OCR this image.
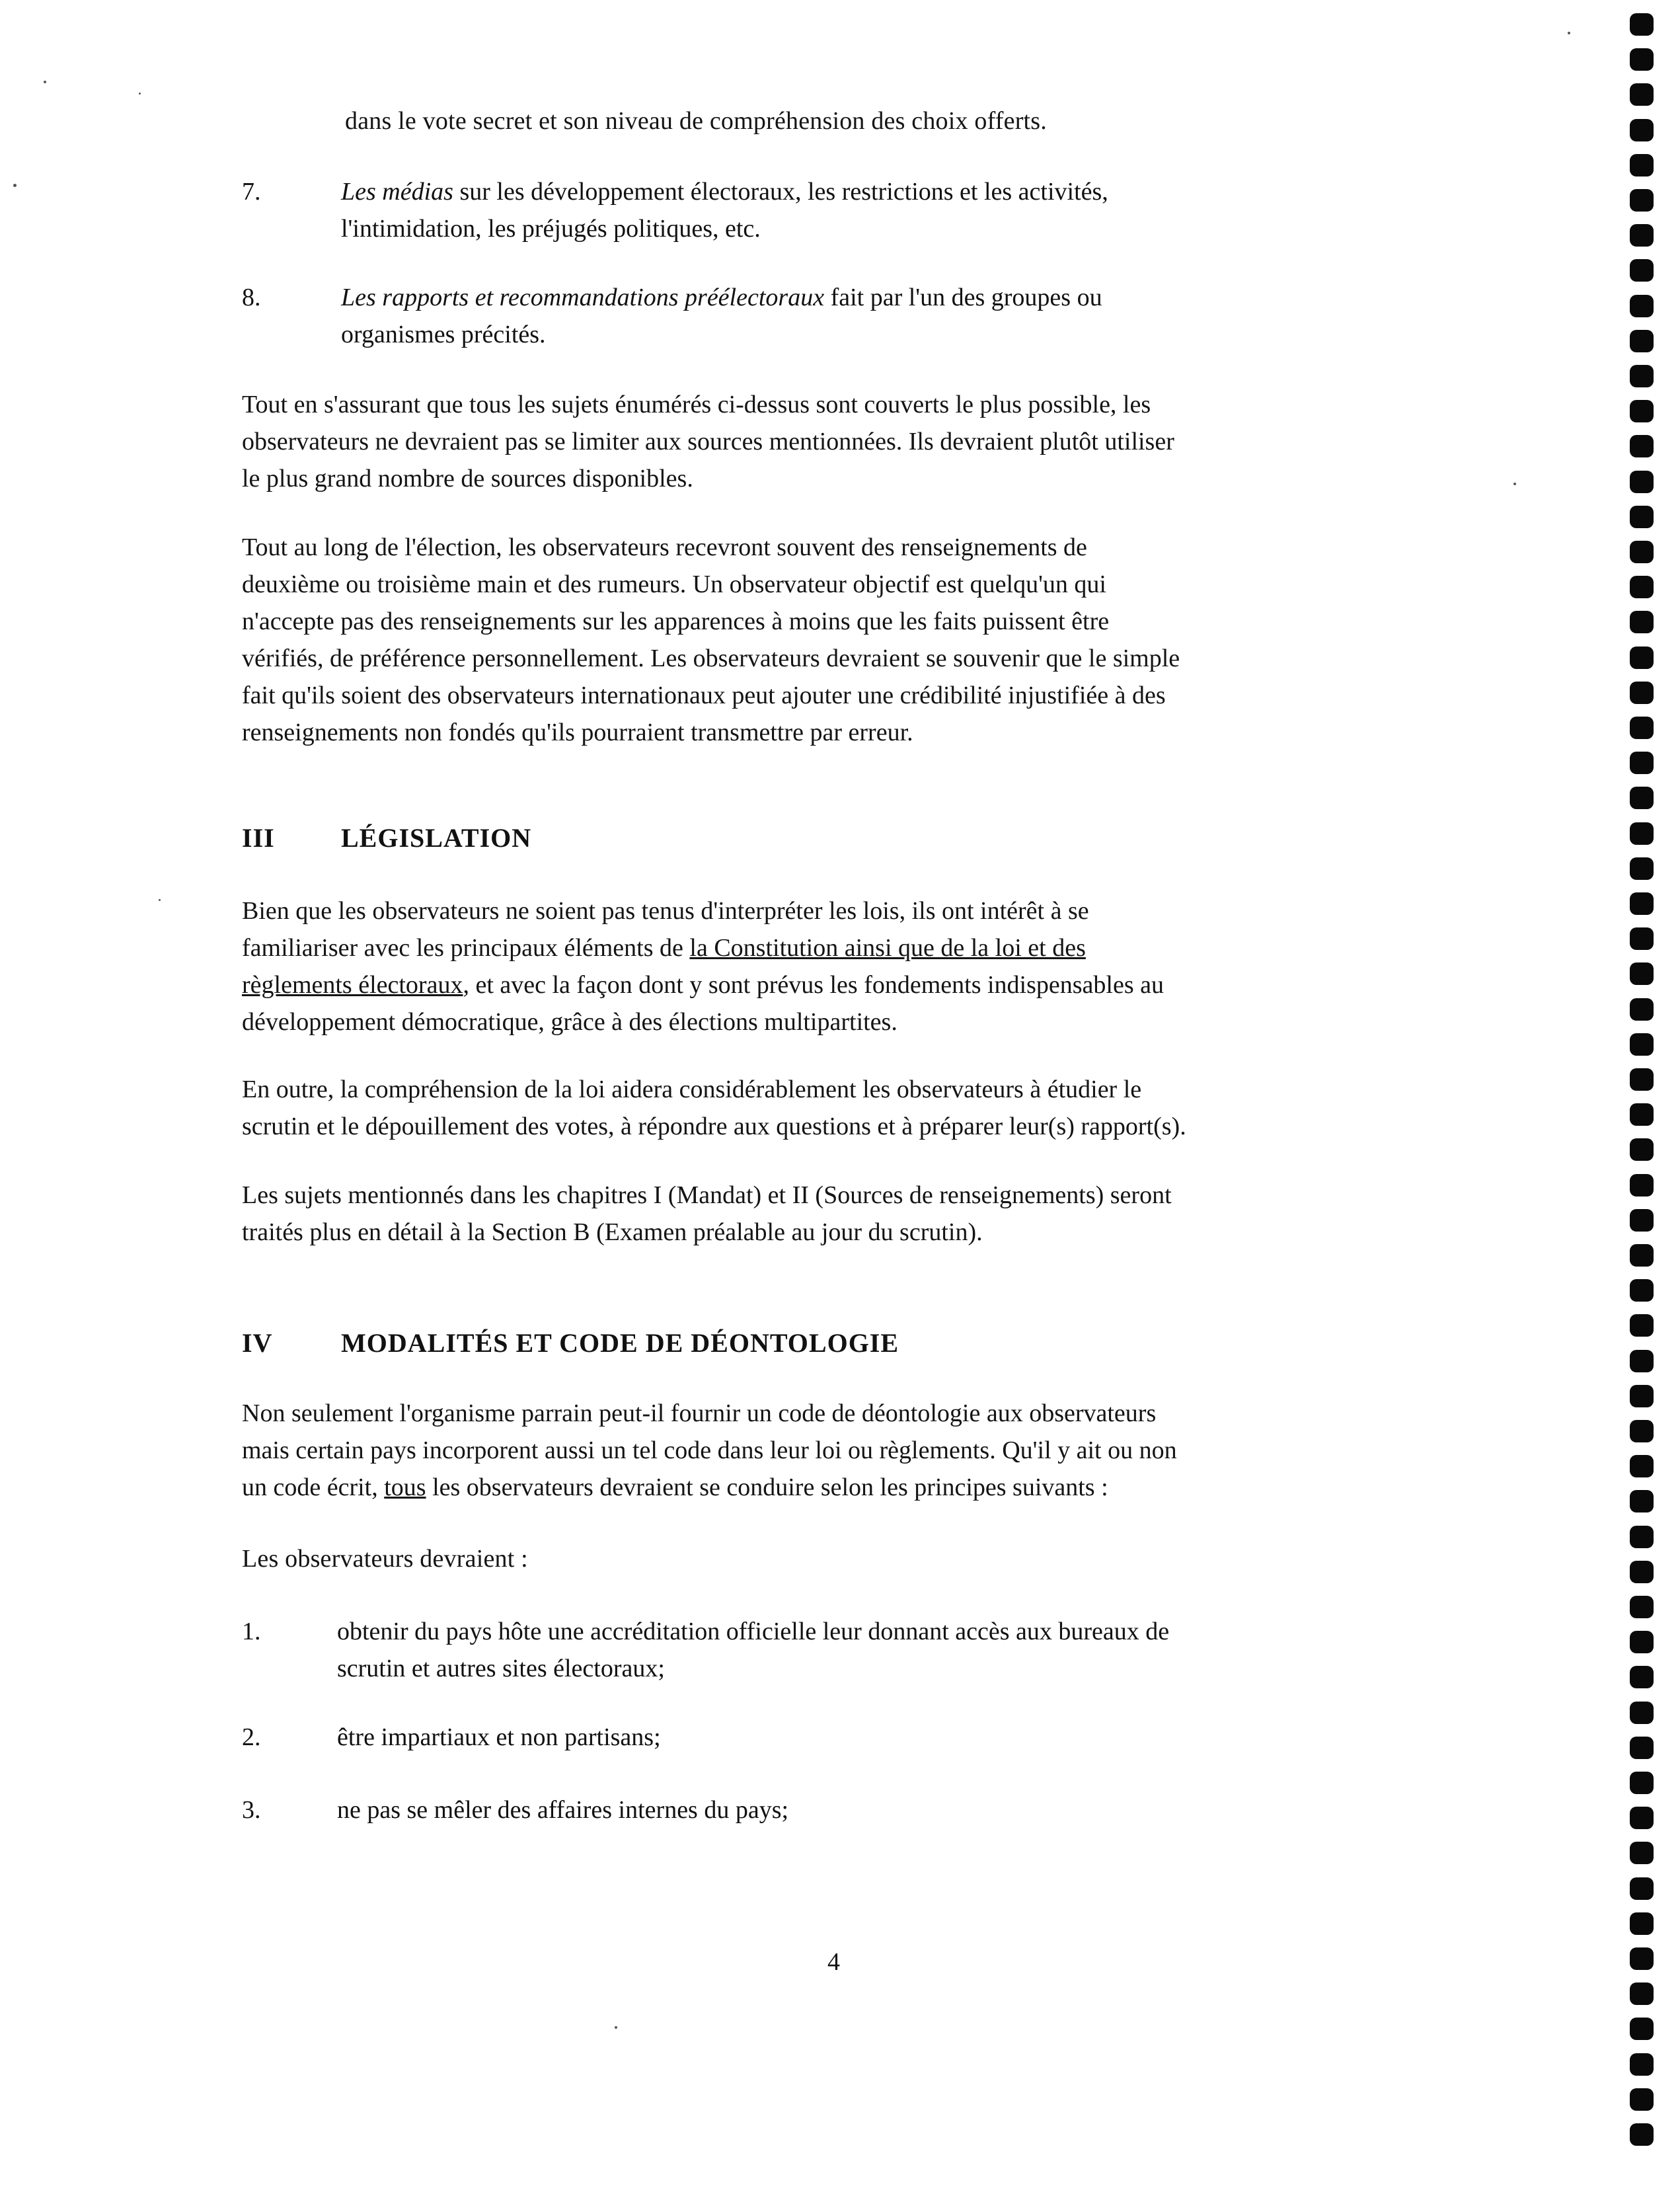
dans le vote secret et son niveau de compréhension des choix offerts.
7.	Les médias sur les développement électoraux, les restrictions et les activités,
l'intimidation, les préjugés politiques, etc.
8.	Les rapports et recommandations préélectoraux fait par l'un des groupes ou
organismes précités.
Tout en s'assurant que tous les sujets énumérés ci-dessus sont couverts le plus possible, les
observateurs ne devraient pas se limiter aux sources mentionnées. Ils devraient plutôt utiliser
le plus grand nombre de sources disponibles.
Tout au long de l'élection, les observateurs recevront souvent des renseignements de
deuxième ou troisième main et des rumeurs. Un observateur objectif est quelqu'un qui
n'accepte pas des renseignements sur les apparences à moins que les faits puissent être
vérifiés, de préférence personnellement. Les observateurs devraient se souvenir que le simple
fait qu'ils soient des observateurs internationaux peut ajouter une crédibilité injustifiée à des
renseignements non fondés qu'ils pourraient transmettre par erreur.
III	LÉGISLATION
Bien que les observateurs ne soient pas tenus d'interpréter les lois, ils ont intérêt à se
familiariser avec les principaux éléments de la Constitution ainsi que de la loi et des
règlements électoraux, et avec la façon dont y sont prévus les fondements indispensables au
développement démocratique, grâce à des élections multipartites.
En outre, la compréhension de la loi aidera considérablement les observateurs à étudier le
scrutin et le dépouillement des votes, à répondre aux questions et à préparer leur(s) rapport(s).
Les sujets mentionnés dans les chapitres I (Mandat) et II (Sources de renseignements) seront
traités plus en détail à la Section B (Examen préalable au jour du scrutin).
IV	MODALITÉS ET CODE DE DÉONTOLOGIE
Non seulement l'organisme parrain peut-il fournir un code de déontologie aux observateurs
mais certain pays incorporent aussi un tel code dans leur loi ou règlements. Qu'il y ait ou non
un code écrit, tous les observateurs devraient se conduire selon les principes suivants :
Les observateurs devraient :
1.	obtenir du pays hôte une accréditation officielle leur donnant accès aux bureaux de
scrutin et autres sites électoraux;
2.	être impartiaux et non partisans;
3.	ne pas se mêler des affaires internes du pays;
4
